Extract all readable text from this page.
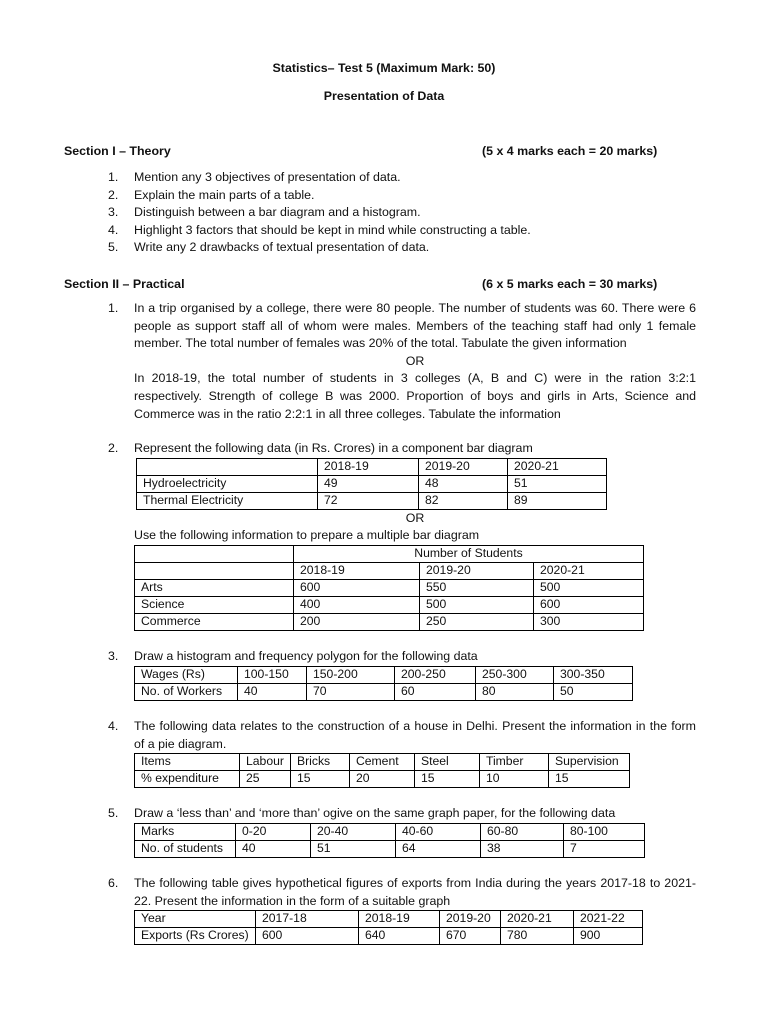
Statistics– Test 5 (Maximum Mark: 50)
Presentation of Data
Section I – Theory	(5 x 4 marks each = 20 marks)
1. Mention any 3 objectives of presentation of data.
2. Explain the main parts of a table.
3. Distinguish between a bar diagram and a histogram.
4. Highlight 3 factors that should be kept in mind while constructing a table.
5. Write any 2 drawbacks of textual presentation of data.
Section II – Practical	(6 x 5 marks each = 30 marks)
1. In a trip organised by a college, there were 80 people. The number of students was 60. There were 6 people as support staff all of whom were males. Members of the teaching staff had only 1 female member. The total number of females was 20% of the total. Tabulate the given information

OR

In 2018-19, the total number of students in 3 colleges (A, B and C) were in the ration 3:2:1 respectively. Strength of college B was 2000. Proportion of boys and girls in Arts, Science and Commerce was in the ratio 2:2:1 in all three colleges. Tabulate the information

2. Represent the following data (in Rs. Crores) in a component bar diagram
	2018-19	2019-20	2020-21
Hydroelectricity	49	48	51
Thermal Electricity	72	82	89
OR
Use the following information to prepare a multiple bar diagram
	Number of Students		
	2018-19	2019-20	2020-21
Arts	600	550	500
Science	400	500	600
Commerce	200	250	300
3. Draw a histogram and frequency polygon for the following data
Wages (Rs)	100-150	150-200	200-250	250-300	300-350
No. of Workers	40	70	60	80	50
4. The following data relates to the construction of a house in Delhi. Present the information in the form of a pie diagram.

Items	Labour	Bricks	Cement	Steel	Timber	Supervision
% expenditure	25	15	20	15	10	15
5. Draw a ‘less than’ and ‘more than’ ogive on the same graph paper, for the following data
Marks	0-20	20-40	40-60	60-80	80-100
No. of students	40	51	64	38	7
6. The following table gives hypothetical figures of exports from India during the years 2017-18 to 2021-22. Present the information in the form of a suitable graph

Year	2017-18	2018-19	2019-20	2020-21	2021-22
Exports (Rs Crores)	600	640	670	780	900
